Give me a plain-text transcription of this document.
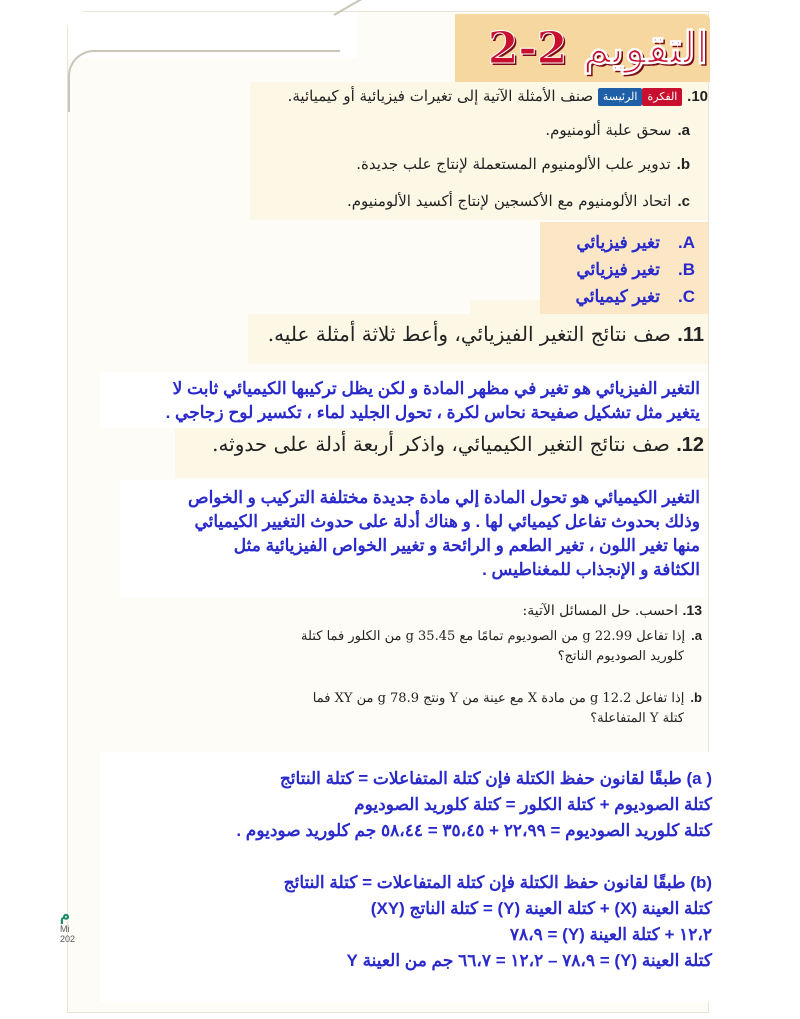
التقويم 2-2
10. الفكرةالرئيسة صنف الأمثلة الآتية إلى تغيرات فيزيائية أو كيميائية.
a.سحق علبة ألومنيوم.
b.تدوير علب الألومنيوم المستعملة لإنتاج علب جديدة.
c.اتحاد الألومنيوم مع الأكسجين لإنتاج أكسيد الألومنيوم.
A.تغير فيزيائي
B.تغير فيزيائي
C.تغير كيميائي
11. صف نتائج التغير الفيزيائي، وأعط ثلاثة أمثلة عليه.
التغير الفيزيائي هو تغير في مظهر المادة و لكن يظل تركيبها الكيميائي ثابت لا
يتغير مثل تشكيل صفيحة نحاس لكرة ، تحول الجليد لماء ، تكسير لوح زجاجي .
12. صف نتائج التغير الكيميائي، واذكر أربعة أدلة على حدوثه.
التغير الكيميائي هو تحول المادة إلي مادة جديدة مختلفة التركيب و الخواص
وذلك بحدوث تفاعل كيميائي لها . و هناك أدلة على حدوث التغيير الكيميائي
منها تغير اللون ، تغير الطعم و الرائحة و تغيير الخواص الفيزيائية مثل
الكثافة و الإنجذاب للمغناطيس .
13. احسب. حل المسائل الآتية:
a.إذا تفاعل 22.99 g من الصوديوم تمامًا مع 35.45 g من الكلور فما كتلة
كلوريد الصوديوم الناتج؟
b.إذا تفاعل 12.2 g من مادة X مع عينة من Y ونتج 78.9 g من XY فما
كتلة Y المتفاعلة؟
( a) طبقًا لقانون حفظ الكتلة فإن كتلة المتفاعلات = كتلة النتائج
كتلة الصوديوم + كتلة الكلور = كتلة كلوريد الصوديوم
كتلة كلوريد الصوديوم = ٢٢،٩٩ + ٣٥،٤٥ = ٥٨،٤٤ جم كلوريد صوديوم .
(b) طبقًا لقانون حفظ الكتلة فإن كتلة المتفاعلات = كتلة النتائج
كتلة العينة (X) + كتلة العينة (Y) = كتلة الناتج (XY)
١٢،٢ + كتلة العينة (Y) = ٧٨،٩
كتلة العينة (Y) = ٧٨،٩ – ١٢،٢ = ٦٦،٧ جم من العينة Y
م
Mi
202
